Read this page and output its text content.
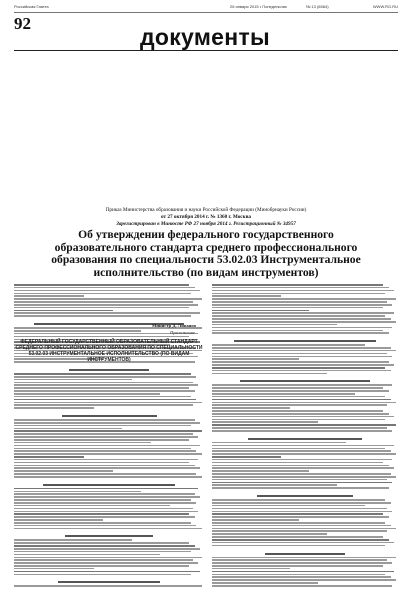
Российская Газета	26 января 2015 • Понедельник	№ 13 (6584)	WWW.RG.RU
92
документы
Приказ Министерства образования и науки Российской Федерации (Минобрнауки России)
от 27 октября 2014 г. № 1360 г. Москва
Зарегистрирован в Минюсте РФ 27 ноября 2014 г. Регистрационный № 34957
Об утверждении федерального государственного образовательного стандарта среднего профессионального образования по специальности 53.02.03 Инструментальное исполнительство (по видам инструментов)
Министр Д. Ливанов
Приложение
ФЕДЕРАЛЬНЫЙ ГОСУДАРСТВЕННЫЙ ОБРАЗОВАТЕЛЬНЫЙ СТАНДАРТ СРЕДНЕГО ПРОФЕССИОНАЛЬНОГО ОБРАЗОВАНИЯ ПО СПЕЦИАЛЬНОСТИ 53.02.03 ИНСТРУМЕНТАЛЬНОЕ ИСПОЛНИТЕЛЬСТВО (ПО ВИДАМ ИНСТРУМЕНТОВ)
